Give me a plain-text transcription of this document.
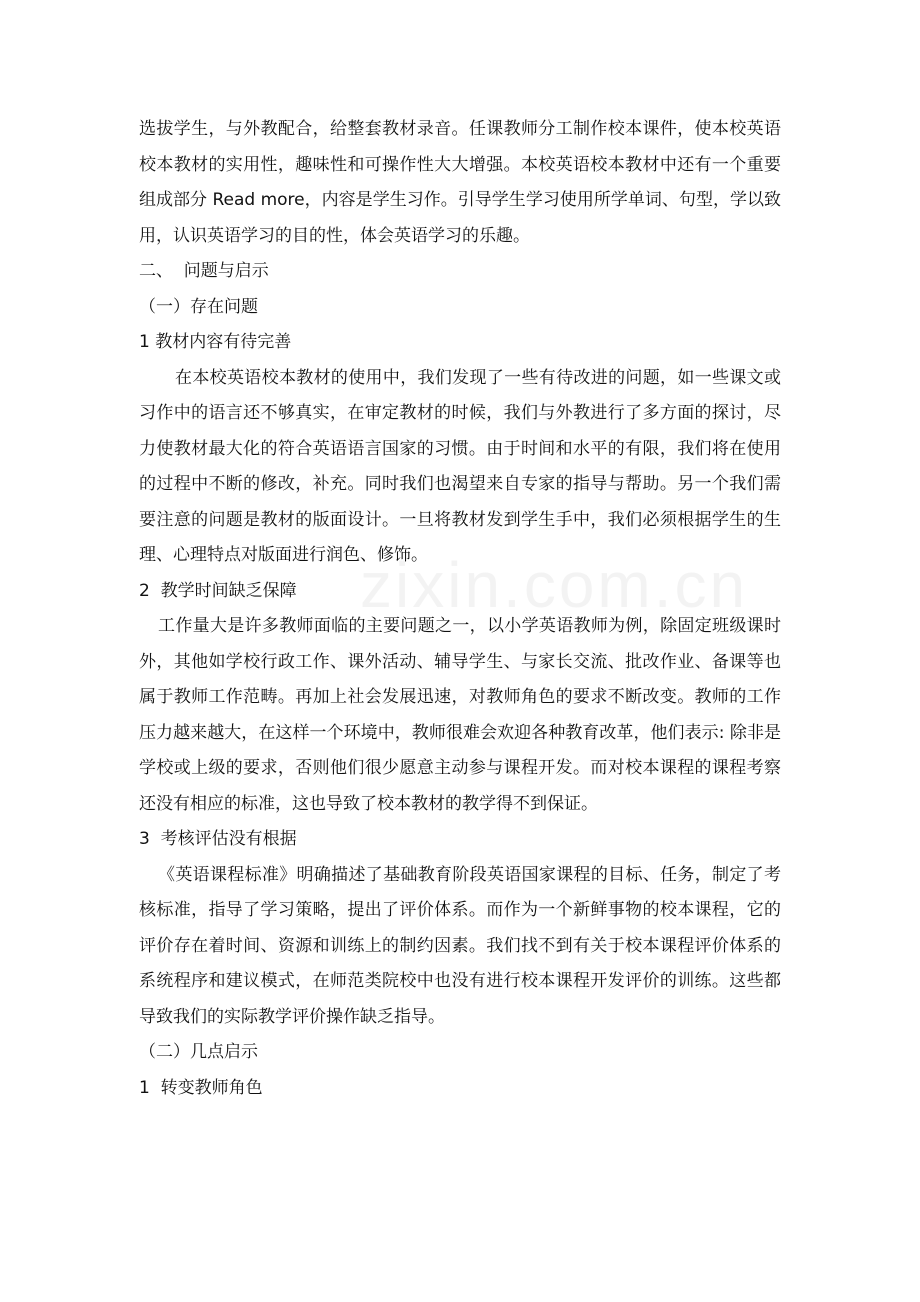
zixin.com.cn

选拔学生，与外教配合，给整套教材录音。任课教师分工制作校本课件，使本校英语校本教材的实用性，趣味性和可操作性大大增强。本校英语校本教材中还有一个重要组成部分 Read more，内容是学生习作。引导学生学习使用所学单词、句型，学以致用，认识英语学习的目的性，体会英语学习的乐趣。

二、  问题与启示
（一）存在问题
1 教材内容有待完善

在本校英语校本教材的使用中，我们发现了一些有待改进的问题，如一些课文或习作中的语言还不够真实，在审定教材的时候，我们与外教进行了多方面的探讨，尽力使教材最大化的符合英语语言国家的习惯。由于时间和水平的有限，我们将在使用的过程中不断的修改，补充。同时我们也渴望来自专家的指导与帮助。另一个我们需要注意的问题是教材的版面设计。一旦将教材发到学生手中，我们必须根据学生的生理、心理特点对版面进行润色、修饰。

2  教学时间缺乏保障

工作量大是许多教师面临的主要问题之一，以小学英语教师为例，除固定班级课时外，其他如学校行政工作、课外活动、辅导学生、与家长交流、批改作业、备课等也属于教师工作范畴。再加上社会发展迅速，对教师角色的要求不断改变。教师的工作压力越来越大，在这样一个环境中，教师很难会欢迎各种教育改革，他们表示: 除非是学校或上级的要求，否则他们很少愿意主动参与课程开发。而对校本课程的课程考察还没有相应的标准，这也导致了校本教材的教学得不到保证。

3  考核评估没有根据

《英语课程标准》明确描述了基础教育阶段英语国家课程的目标、任务，制定了考核标准，指导了学习策略，提出了评价体系。而作为一个新鲜事物的校本课程，它的评价存在着时间、资源和训练上的制约因素。我们找不到有关于校本课程评价体系的系统程序和建议模式，在师范类院校中也没有进行校本课程开发评价的训练。这些都导致我们的实际教学评价操作缺乏指导。

（二）几点启示
1  转变教师角色
